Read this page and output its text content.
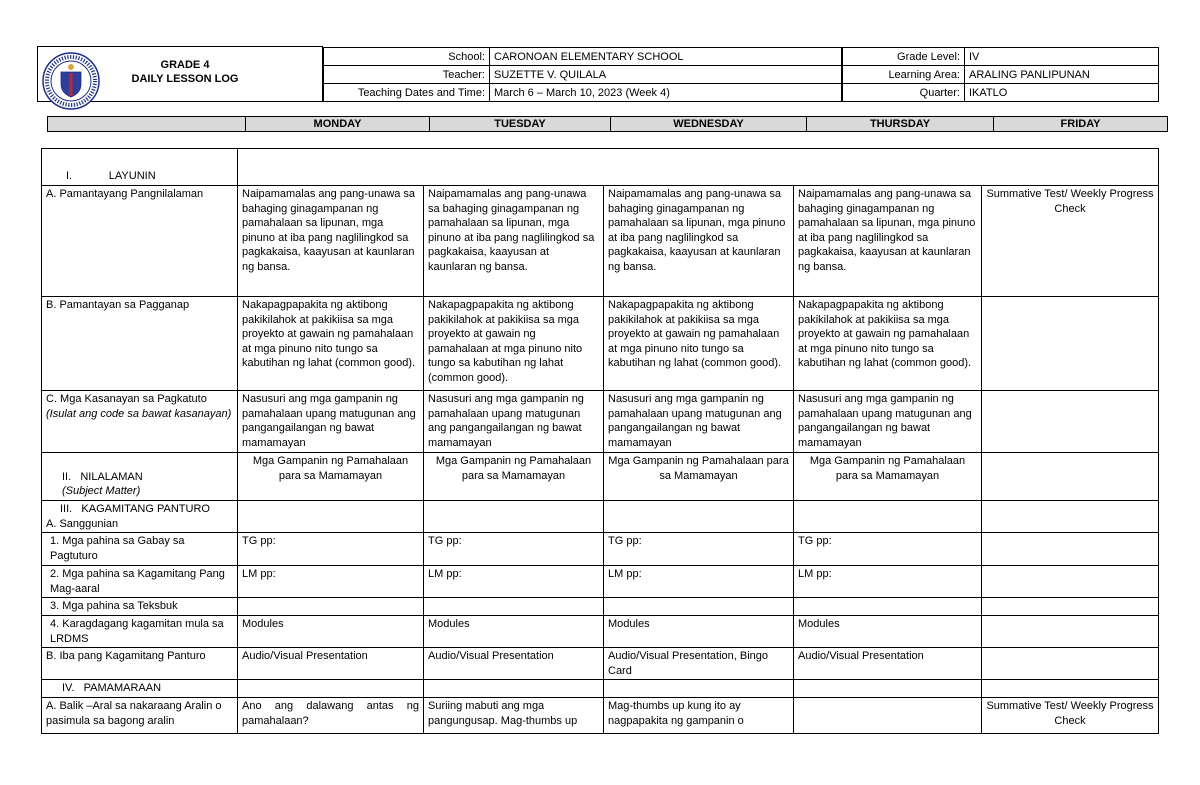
GRADE 4
DAILY LESSON LOG
School:	CARONOAN ELEMENTARY SCHOOL
Teacher:	SUZETTE V. QUILALA
Teaching Dates and Time:	March 6 – March 10, 2023 (Week 4)
Grade Level:	IV
Learning Area:	ARALING PANLIPUNAN
Quarter:	IKATLO
	MONDAY	TUESDAY	WEDNESDAY	THURSDAY	FRIDAY
I.            LAYUNIN					
A. Pamantayang Pangnilalaman	Naipamamalas ang pang-unawa sa bahaging ginagampanan ng pamahalaan sa lipunan, mga pinuno at iba pang naglilingkod sa pagkakaisa, kaayusan at kaunlaran ng bansa.	Naipamamalas ang pang-unawa sa bahaging ginagampanan ng pamahalaan sa lipunan, mga pinuno at iba pang naglilingkod sa pagkakaisa, kaayusan at kaunlaran ng bansa.	Naipamamalas ang pang-unawa sa bahaging ginagampanan ng pamahalaan sa lipunan, mga pinuno at iba pang naglilingkod sa pagkakaisa, kaayusan at kaunlaran ng bansa.	Naipamamalas ang pang-unawa sa bahaging ginagampanan ng pamahalaan sa lipunan, mga pinuno at iba pang naglilingkod sa pagkakaisa, kaayusan at kaunlaran ng bansa.	Summative Test/ Weekly Progress Check
B. Pamantayan sa Pagganap	Nakapagpapakita ng aktibong pakikilahok at pakikiisa sa mga proyekto at gawain ng pamahalaan at mga pinuno nito tungo sa kabutihan ng lahat (common good).	Nakapagpapakita ng aktibong pakikilahok at pakikiisa sa mga proyekto at gawain ng pamahalaan at mga pinuno nito tungo sa kabutihan ng lahat (common good).	Nakapagpapakita ng aktibong pakikilahok at pakikiisa sa mga proyekto at gawain ng pamahalaan at mga pinuno nito tungo sa kabutihan ng lahat (common good).	Nakapagpapakita ng aktibong pakikilahok at pakikiisa sa mga proyekto at gawain ng pamahalaan at mga pinuno nito tungo sa kabutihan ng lahat (common good).	

C. Mga Kasanayan sa Pagkatuto
(Isulat ang code sa bawat kasanayan)	Nasusuri ang mga gampanin ng pamahalaan upang matugunan ang pangangailangan ng bawat mamamayan	Nasusuri ang mga gampanin ng pamahalaan upang matugunan ang pangangailangan ng bawat mamamayan	Nasusuri ang mga gampanin ng pamahalaan upang matugunan ang pangangailangan ng bawat mamamayan	Nasusuri ang mga gampanin ng pamahalaan upang matugunan ang pangangailangan ng bawat mamamayan	

II.   NILALAMAN
(Subject Matter)	Mga Gampanin ng Pamahalaan para sa Mamamayan	Mga Gampanin ng Pamahalaan para sa Mamamayan	Mga Gampanin ng Pamahalaan para sa Mamamayan	Mga Gampanin ng Pamahalaan para sa Mamamayan	

III.   KAGAMITANG PANTURO
A. Sanggunian					

1. Mga pahina sa Gabay sa Pagtuturo	TG pp:	TG pp:	TG pp:	TG pp:	
2. Mga pahina sa Kagamitang Pang Mag-aaral	LM pp:	LM pp:	LM pp:	LM pp:	
3. Mga pahina sa Teksbuk					
4. Karagdagang kagamitan mula sa LRDMS	Modules	Modules	Modules	Modules	
B. Iba pang Kagamitang Panturo	Audio/Visual Presentation	Audio/Visual Presentation	Audio/Visual Presentation, Bingo Card	Audio/Visual Presentation	
IV.   PAMAMARAAN					
A. Balik –Aral sa nakaraang Aralin o pasimula sa bagong aralin	Ano ang dalawang antas ng pamahalaan?	Suriing mabuti ang mga pangungusap. Mag-thumbs up	Mag-thumbs up kung ito ay nagpapakita ng gampanin o		Summative Test/ Weekly Progress Check
